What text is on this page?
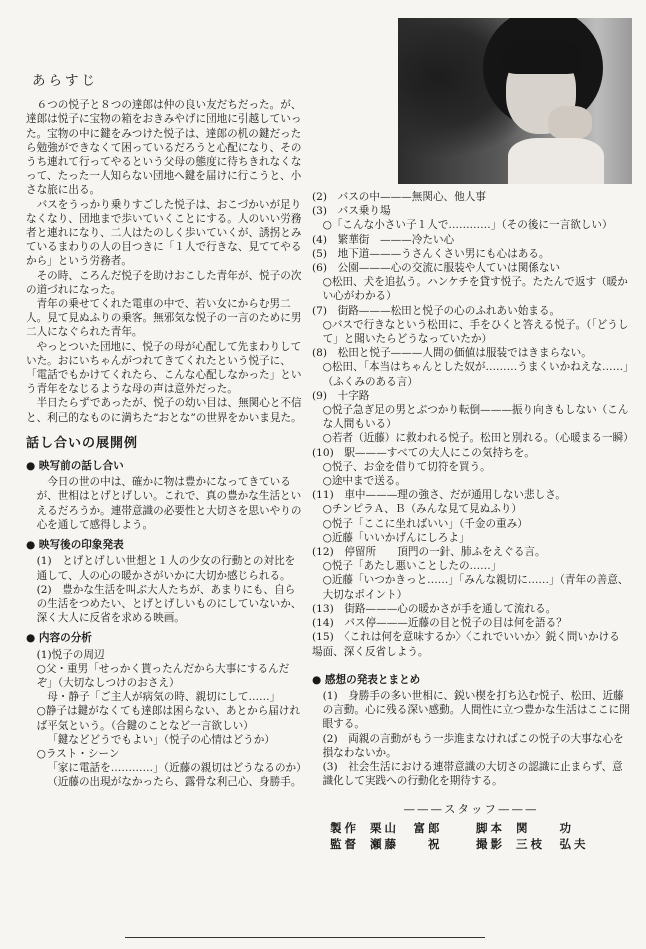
あらすじ

６つの悦子と８つの達郎は仲の良い友だちだった。が、達郎は悦子に宝物の箱をおきみやげに団地に引越していった。宝物の中に鍵をみつけた悦子は、達郎の机の鍵だったら勉強ができなくて困っているだろうと心配になり、そのうち連れて行ってやるという父母の態度に待ちきれなくなって、たった一人知らない団地へ鍵を届けに行こうと、小さな旅に出る。

バスをうっかり乗りすごした悦子は、おこづかいが足りなくなり、団地まで歩いていくことにする。人のいい労務者と連れになり、二人はたのしく歩いていくが、誘拐とみているまわりの人の目つきに「１人で行きな、見ててやるから」という労務者。

その時、ころんだ悦子を助けおこした青年が、悦子の次の道づれになった。

青年の乗せてくれた電車の中で、若い女にからむ男二人。見て見ぬふりの乗客。無邪気な悦子の一言のために男二人になぐられた青年。

やっとついた団地に、悦子の母が心配して先まわりしていた。おにいちゃんがつれてきてくれたという悦子に、「電話でもかけてくれたら、こんな心配しなかった」という青年をなじるような母の声は意外だった。

半日たらずであったが、悦子の幼い目は、無関心と不信と、利己的なものに満ちた“おとな”の世界をかいま見た。

話し合いの展開例
● 映写前の話し合い

今日の世の中は、確かに物は豊かになってきているが、世相はとげとげしい。これで、真の豊かな生活といえるだろうか。連帯意識の必要性と大切さを思いやりの心を通して感得しよう。

● 映写後の印象発表

(1)　とげとげしい世想と１人の少女の行動との対比を通して、人の心の暖かさがいかに大切か感じられる。

(2)　豊かな生活を叫ぶ大人たちが、あまりにも、自らの生活をつめたい、とげとげしいものにしていないか、深く大人に反省を求める映画。

● 内容の分析

(1)悦子の周辺

○父・重男「せっかく貰ったんだから大事にするんだぞ」（大切なしつけのおさえ）

母・静子「ご主人が病気の時、親切にして……」

○静子は鍵がなくても達郎は困らない、あとから届ければ平気という。（合鍵のことなど一言欲しい）

「鍵などどうでもよい」（悦子の心情はどうか）

○ラスト・シーン

「家に電話を…………」（近藤の親切はどうなるのか）（近藤の出現がなかったら、露骨な利己心、身勝手。

(2)　バスの中———無関心、他人事

(3)　バス乗り場

○「こんな小さい子１人で…………」（その後に一言欲しい）

(4)　繁華街　———冷たい心

(5)　地下道———うさんくさい男にも心はある。

(6)　公園———心の交流に服装や人ていは関係ない

○松田、犬を追払う。ハンケチを貸す悦子。たたんで返す（暖かい心がわかる）

(7)　街路———松田と悦子の心のふれあい始まる。

○バスで行きなという松田に、手をひくと答える悦子。（「どうして」と聞いたらどうなっていたか）

(8)　松田と悦子———人間の価値は服装ではきまらない。

○松田、「本当はちゃんとした奴が………うまくいかねえな……」（ふくみのある言）

(9)　十字路

○悦子急ぎ足の男とぶつかり転倒———振り向きもしない（こんな人間もいる）

○若者（近藤）に救われる悦子。松田と別れる。（心暖まる一瞬）

(10)　駅———すべての大人にこの気持ちを。

○悦子、お金を借りて切符を買う。

○途中まで送る。

(11)　車中———理の強さ、だが通用しない悲しさ。

○チンピラＡ、Ｂ（みんな見て見ぬふり）

○悦子「ここに坐ればいい」（千金の重み）

○近藤「いいかげんにしろよ」

(12)　停留所　　頂門の一針、肺ふをえぐる言。

○悦子「あたし悪いことしたの……」

○近藤「いつかきっと……」「みんな親切に……」（青年の善意、大切なポイント）

(13)　街路———心の暖かさが手を通して流れる。

(14)　バス停———近藤の目と悦子の目は何を語る？

(15)　〈これは何を意味するか〉〈これでいいか〉鋭く問いかける場面、深く反省しよう。

● 感想の発表とまとめ

(1)　身勝手の多い世相に、鋭い楔を打ち込む悦子、松田、近藤の言動。心に残る深い感動。人間性に立つ豊かな生活はここに開眼する。

(2)　両親の言動がもう一歩進まなければこの悦子の大事な心を損なわないか。

(3)　社会生活における連帯意識の大切さの認識に止まらず、意識化して実践への行動化を期待する。

———スタッフ———
製作 栗山　富郎	脚本 関　　功
監督 瀬藤　　祝	撮影 三枝　弘夫
